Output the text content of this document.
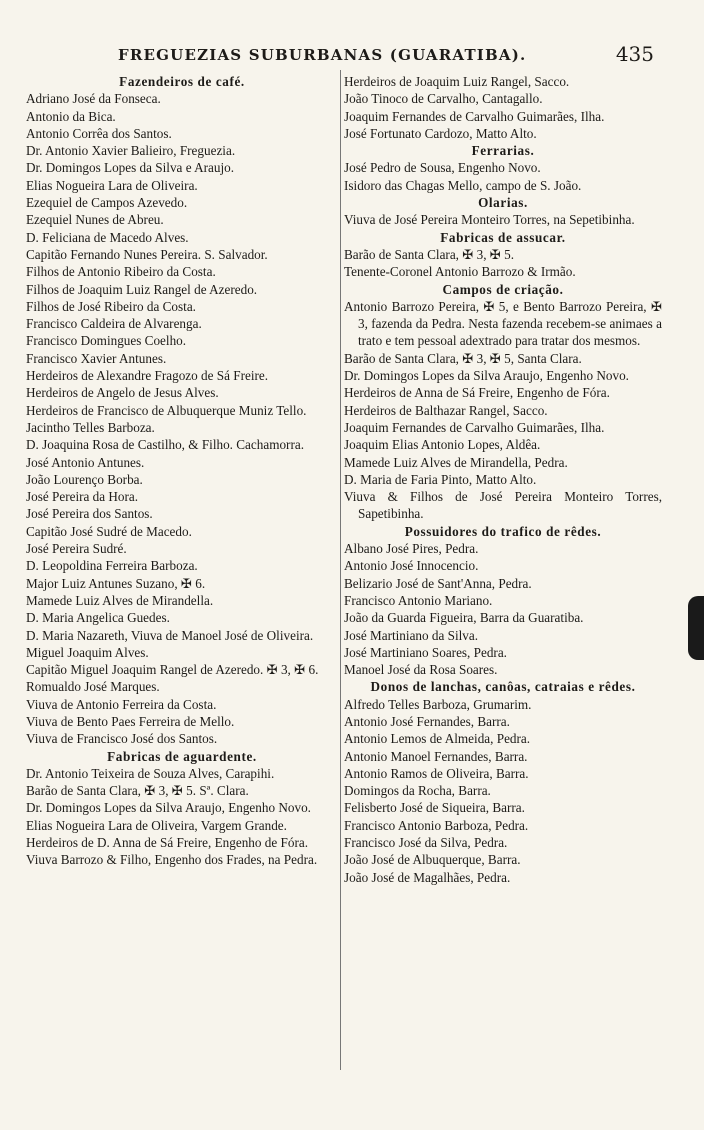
FREGUEZIAS SUBURBANAS (GUARATIBA).	435
Fazendeiros de café.
Adriano José da Fonseca.
Antonio da Bica.
Antonio Corrêa dos Santos.
Dr. Antonio Xavier Balieiro, Freguezia.
Dr. Domingos Lopes da Silva e Araujo.
Elias Nogueira Lara de Oliveira.
Ezequiel de Campos Azevedo.
Ezequiel Nunes de Abreu.
D. Feliciana de Macedo Alves.
Capitão Fernando Nunes Pereira. S. Salvador.
Filhos de Antonio Ribeiro da Costa.
Filhos de Joaquim Luiz Rangel de Azeredo.
Filhos de José Ribeiro da Costa.
Francisco Caldeira de Alvarenga.
Francisco Domingues Coelho.
Francisco Xavier Antunes.
Herdeiros de Alexandre Fragozo de Sá Freire.
Herdeiros de Angelo de Jesus Alves.
Herdeiros de Francisco de Albuquerque Muniz Tello.
Jacintho Telles Barboza.
D. Joaquina Rosa de Castilho, & Filho. Cachamorra.
José Antonio Antunes.
João Lourenço Borba.
José Pereira da Hora.
José Pereira dos Santos.
Capitão José Sudré de Macedo.
José Pereira Sudré.
D. Leopoldina Ferreira Barboza.
Major Luiz Antunes Suzano, ✠ 6.
Mamede Luiz Alves de Mirandella.
D. Maria Angelica Guedes.
D. Maria Nazareth, Viuva de Manoel José de Oliveira.
Miguel Joaquim Alves.
Capitão Miguel Joaquim Rangel de Azeredo. ✠ 3, ✠ 6.
Romualdo José Marques.
Viuva de Antonio Ferreira da Costa.
Viuva de Bento Paes Ferreira de Mello.
Viuva de Francisco José dos Santos.
Fabricas de aguardente.
Dr. Antonio Teixeira de Souza Alves, Carapihi.
Barão de Santa Clara, ✠ 3, ✠ 5. Sª. Clara.
Dr. Domingos Lopes da Silva Araujo, Engenho Novo.
Elias Nogueira Lara de Oliveira, Vargem Grande.
Herdeiros de D. Anna de Sá Freire, Engenho de Fóra.
Viuva Barrozo & Filho, Engenho dos Frades, na Pedra.
Herdeiros de Joaquim Luiz Rangel, Sacco.
João Tinoco de Carvalho, Cantagallo.
Joaquim Fernandes de Carvalho Guimarães, Ilha.
José Fortunato Cardozo, Matto Alto.
Ferrarias.
José Pedro de Sousa, Engenho Novo.
Isidoro das Chagas Mello, campo de S. João.
Olarias.
Viuva de José Pereira Monteiro Torres, na Sepetibinha.
Fabricas de assucar.
Barão de Santa Clara, ✠ 3, ✠ 5.
Tenente-Coronel Antonio Barrozo & Irmão.
Campos de criação.
Antonio Barrozo Pereira, ✠ 5, e Bento Barrozo Pereira, ✠ 3, fazenda da Pedra. Nesta fazenda recebem-se animaes a trato e tem pessoal adextrado para tratar dos mesmos.
Barão de Santa Clara, ✠ 3, ✠ 5, Santa Clara.
Dr. Domingos Lopes da Silva Araujo, Engenho Novo.
Herdeiros de Anna de Sá Freire, Engenho de Fóra.
Herdeiros de Balthazar Rangel, Sacco.
Joaquim Fernandes de Carvalho Guimarães, Ilha.
Joaquim Elias Antonio Lopes, Aldêa.
Mamede Luiz Alves de Mirandella, Pedra.
D. Maria de Faria Pinto, Matto Alto.
Viuva & Filhos de José Pereira Monteiro Torres, Sapetibinha.
Possuidores do trafico de rêdes.
Albano José Pires, Pedra.
Antonio José Innocencio.
Belizario José de Sant'Anna, Pedra.
Francisco Antonio Mariano.
João da Guarda Figueira, Barra da Guaratiba.
José Martiniano da Silva.
José Martiniano Soares, Pedra.
Manoel José da Rosa Soares.
Donos de lanchas, canôas, catraias e rêdes.
Alfredo Telles Barboza, Grumarim.
Antonio José Fernandes, Barra.
Antonio Lemos de Almeida, Pedra.
Antonio Manoel Fernandes, Barra.
Antonio Ramos de Oliveira, Barra.
Domingos da Rocha, Barra.
Felisberto José de Siqueira, Barra.
Francisco Antonio Barboza, Pedra.
Francisco José da Silva, Pedra.
João José de Albuquerque, Barra.
João José de Magalhães, Pedra.
